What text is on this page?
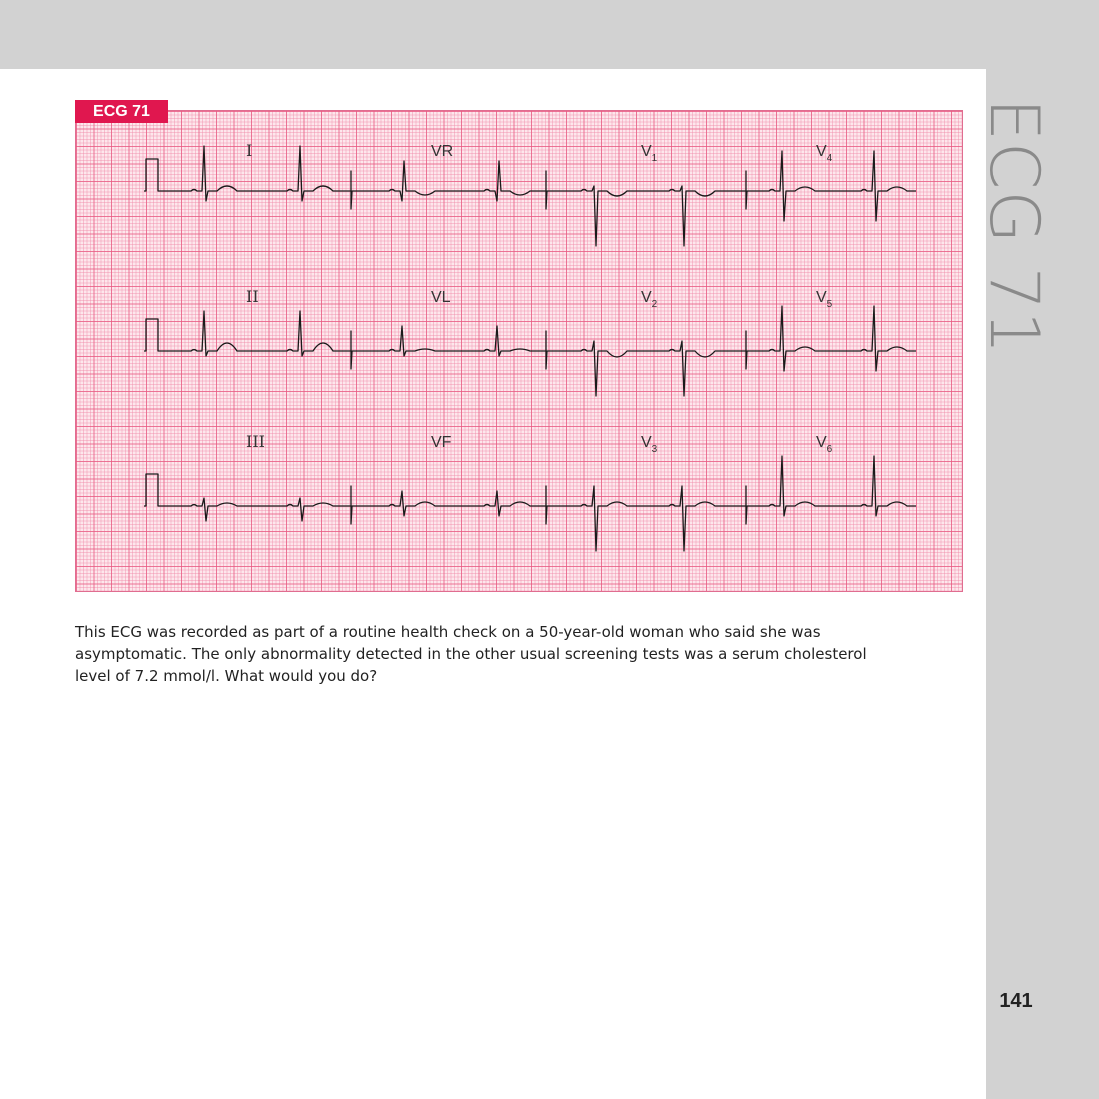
ECG 71
I
II
III
VR
VL
VF
$V_1$
$V_2$
$V_3$
$V_4$
$V_5$
$V_6$
ECG 71

This ECG was recorded as part of a routine health check on a 50-year-old woman who said she was asymptomatic. The only abnormality detected in the other usual screening tests was a serum cholesterol level of 7.2 mmol/l. What would you do?

141
